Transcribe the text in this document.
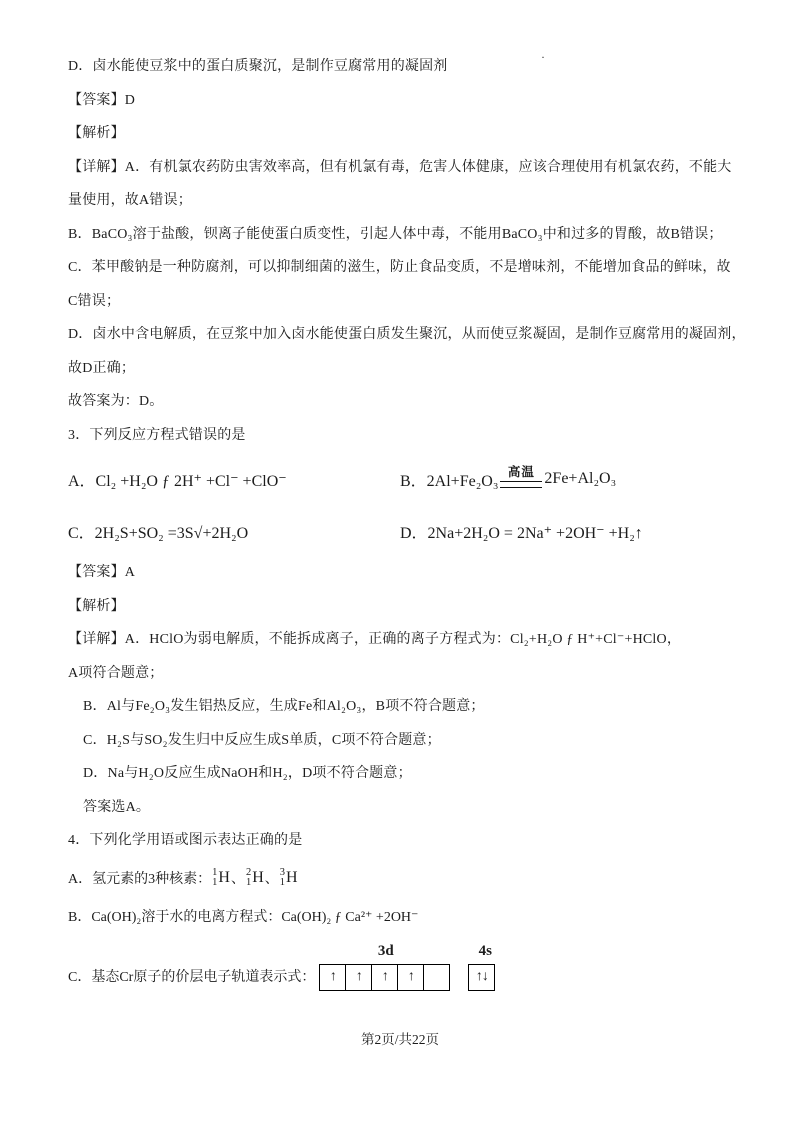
·
D．卤水能使豆浆中的蛋白质聚沉，是制作豆腐常用的凝固剂
【答案】D
【解析】
【详解】A．有机氯农药防虫害效率高，但有机氯有毒，危害人体健康，应该合理使用有机氯农药，不能大
量使用，故A错误；
B．BaCO₃溶于盐酸，钡离子能使蛋白质变性，引起人体中毒，不能用BaCO₃中和过多的胃酸，故B错误；
C．苯甲酸钠是一种防腐剂，可以抑制细菌的滋生，防止食品变质，不是增味剂，不能增加食品的鲜味，故
C错误；
D．卤水中含电解质，在豆浆中加入卤水能使蛋白质发生聚沉，从而使豆浆凝固，是制作豆腐常用的凝固剂，
故D正确；
故答案为：D。
3．下列反应方程式错误的是
A．Cl₂ +H₂O ƒ 2H⁺ +Cl⁻ +ClO⁻	B．2Al+Fe₂O₃
高温 2Fe+Al₂O₃
C．2H₂S+SO₂ =3S√+2H₂O	D．2Na+2H₂O = 2Na⁺ +2OH⁻ +H₂↑
【答案】A
【解析】
【详解】A．HClO为弱电解质，不能拆成离子，正确的离子方程式为：Cl₂+H₂O ƒ H⁺+Cl⁻+HClO，
A项符合题意；
B．Al与Fe₂O₃发生铝热反应，生成Fe和Al₂O₃，B项不符合题意；
C．H₂S与SO₂发生归中反应生成S单质，C项不符合题意；
D．Na与H₂O反应生成NaOH和H₂，D项不符合题意；
答案选A。
4．下列化学用语或图示表达正确的是
A．氢元素的3种核素： 1
1 H 、 2
1 H 、 3
1 H
B．Ca(OH)₂溶于水的电离方程式：Ca(OH)₂ ƒ Ca²⁺ +2OH⁻
C．基态Cr原子的价层电子轨道表示式：
3d	4s
↑	↑	↑	↑	↑↓
第2页/共22页
